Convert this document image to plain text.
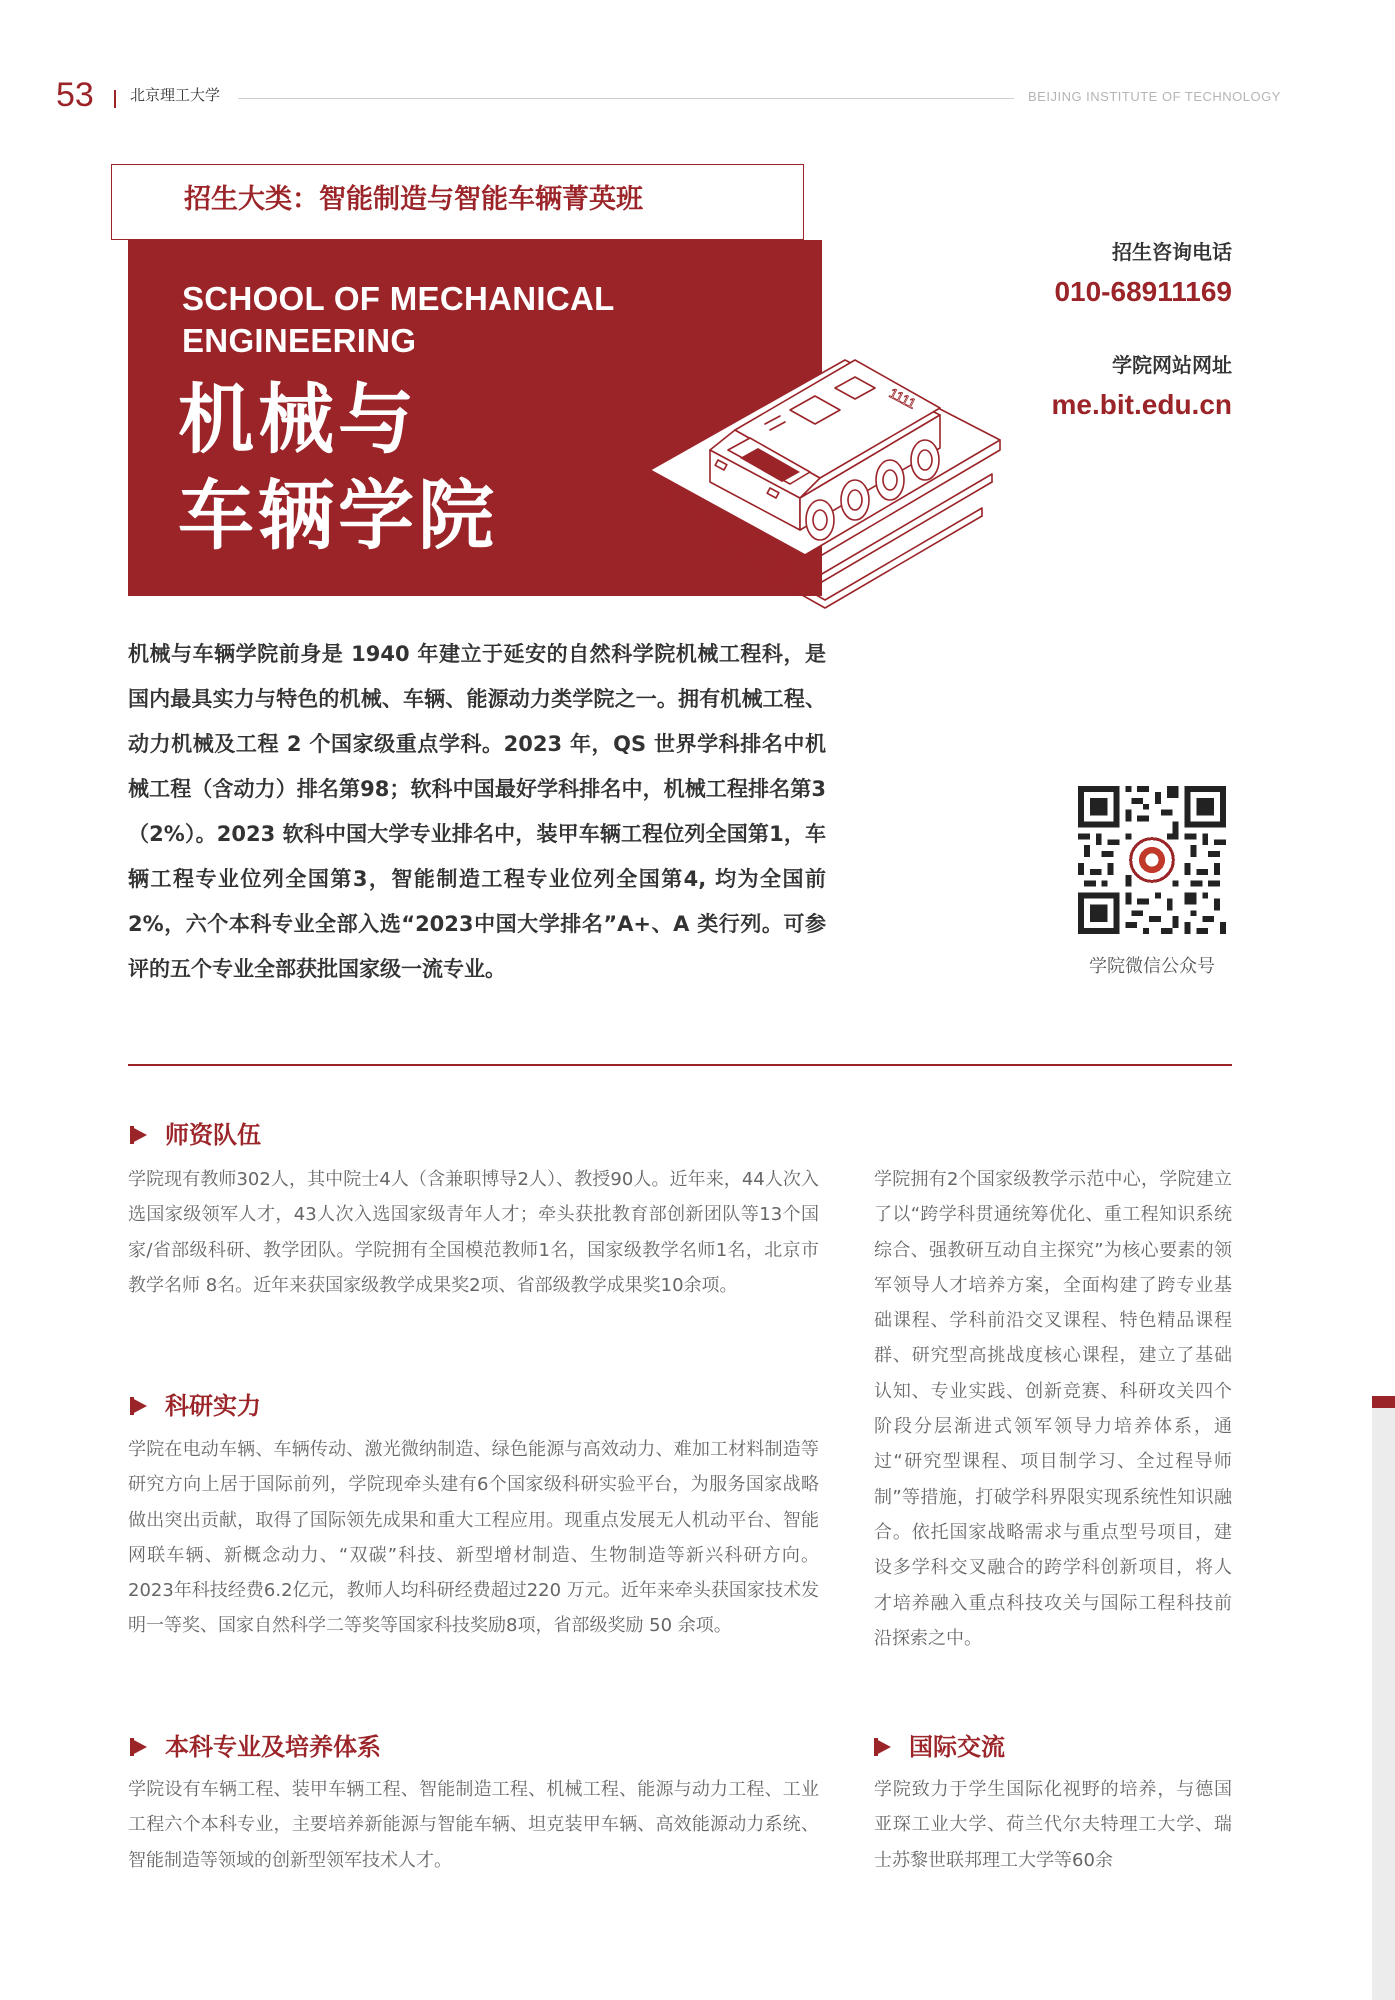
53 北京理工大学	BEIJING INSTITUTE OF TECHNOLOGY
招生大类：智能制造与智能车辆菁英班
SCHOOL OF MECHANICAL
ENGINEERING
机械与
车辆学院
1111
招生咨询电话
010-68911169
学院网站网址
me.bit.edu.cn
机械与车辆学院前身是 1940 年建立于延安的自然科学院机械工程科，是国内最具实力与特色的机械、车辆、能源动力类学院之一。拥有机械工程、动力机械及工程 2 个国家级重点学科。2023 年，QS 世界学科排名中机械工程（含动力）排名第98；软科中国最好学科排名中，机械工程排名第3（2%）。2023 软科中国大学专业排名中，装甲车辆工程位列全国第1，车辆工程专业位列全国第3，智能制造工程专业位列全国第4, 均为全国前2%，六个本科专业全部入选“2023中国大学排名”A+、A 类行列。可参评的五个专业全部获批国家级一流专业。	学院微信公众号
师资队伍
学院现有教师302人，其中院士4人（含兼职博导2人）、教授90人。近年来，44人次入选国家级领军人才，43人次入选国家级青年人才；牵头获批教育部创新团队等13个国家/省部级科研、教学团队。学院拥有全国模范教师1名，国家级教学名师1名，北京市教学名师 8名。近年来获国家级教学成果奖2项、省部级教学成果奖10余项。
科研实力
学院在电动车辆、车辆传动、激光微纳制造、绿色能源与高效动力、难加工材料制造等研究方向上居于国际前列，学院现牵头建有6个国家级科研实验平台，为服务国家战略做出突出贡献，取得了国际领先成果和重大工程应用。现重点发展无人机动平台、智能网联车辆、新概念动力、“双碳”科技、新型增材制造、生物制造等新兴科研方向。2023年科技经费6.2亿元，教师人均科研经费超过220 万元。近年来牵头获国家技术发明一等奖、国家自然科学二等奖等国家科技奖励8项，省部级奖励 50 余项。
本科专业及培养体系
学院设有车辆工程、装甲车辆工程、智能制造工程、机械工程、能源与动力工程、工业工程六个本科专业，主要培养新能源与智能车辆、坦克装甲车辆、高效能源动力系统、智能制造等领域的创新型领军技术人才。
学院拥有2个国家级教学示范中心，学院建立了以“跨学科贯通统筹优化、重工程知识系统综合、强教研互动自主探究”为核心要素的领军领导人才培养方案，全面构建了跨专业基础课程、学科前沿交叉课程、特色精品课程群、研究型高挑战度核心课程，建立了基础认知、专业实践、创新竞赛、科研攻关四个阶段分层渐进式领军领导力培养体系，通过“研究型课程、项目制学习、全过程导师制”等措施，打破学科界限实现系统性知识融合。依托国家战略需求与重点型号项目，建设多学科交叉融合的跨学科创新项目，将人才培养融入重点科技攻关与国际工程科技前沿探索之中。
国际交流
学院致力于学生国际化视野的培养，与德国亚琛工业大学、荷兰代尔夫特理工大学、瑞士苏黎世联邦理工大学等60余
